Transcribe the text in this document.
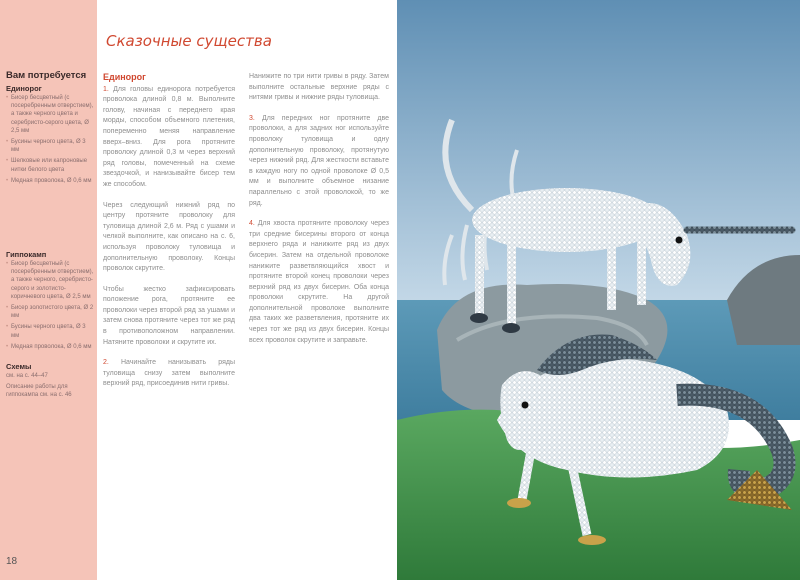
Вам потребуется
Единорог
• Бисер бесцветный (с посеребренным отверстием), а также черного цвета и серебристо-серого цвета, Ø 2,5 мм
• Бусины черного цвета, Ø 3 мм
• Шелковые или капроновые нитки белого цвета
• Медная проволока, Ø 0,6 мм
Гиппокамп
• Бисер бесцветный (с посеребренным отверстием), а также черного, серебристо-серого и золотисто-коричневого цвета, Ø 2,5 мм
• Бисер золотистого цвета, Ø 2 мм
• Бусины черного цвета, Ø 3 мм
• Медная проволока, Ø 0,6 мм
Схемы
см. на с. 44–47
Описание работы для гиппокампа см. на с. 46
18
Сказочные существа
Единорог

1. Для головы единорога потребуется проволока длиной 0,8 м. Выполните голову, начиная с переднего края морды, способом объемного плетения, попеременно меняя направление вверх–вниз. Для рога протяните проволоку длиной 0,3 м через верхний ряд головы, помеченный на схеме звездочкой, и нанизывайте бисер тем же способом.

Через следующий нижний ряд по центру протяните проволоку для туловища длиной 2,6 м. Ряд с ушами и челкой выполните, как описано на с. 6, используя проволоку туловища и дополнительную проволоку. Концы проволок скрутите.

Чтобы жестко зафиксировать положение рога, протяните ее проволоки через второй ряд за ушами и затем снова протяните через тот же ряд в противоположном направлении. Натяните проволоки и скрутите их.

2. Начинайте нанизывать ряды туловища снизу затем выполните верхний ряд, присоединив нити гривы.

Нанижите по три нити гривы в ряду. Затем выполните остальные верхние ряды с нитями гривы и нижние ряды туловища.

3. Для передних ног протяните две проволоки, а для задних ног используйте проволоку туловища и одну дополнительную проволоку, протянутую через нижний ряд. Для жесткости вставьте в каждую ногу по одной проволоке Ø 0,5 мм и выполните объемное низание параллельно с этой проволокой, то же ряд.

4. Для хвоста протяните проволоку через три средние бисерины второго от конца верхнего ряда и нанижите ряд из двух бисерин. Затем на отдельной проволоке нанижите разветвляющийся хвост и протяните второй конец проволоки через верхний ряд из двух бисерин. Оба конца проволоки скрутите. На другой дополнительной проволоке выполните два таких же разветвления, протяните их через тот же ряд из двух бисерин. Концы всех проволок скрутите и заправьте.
